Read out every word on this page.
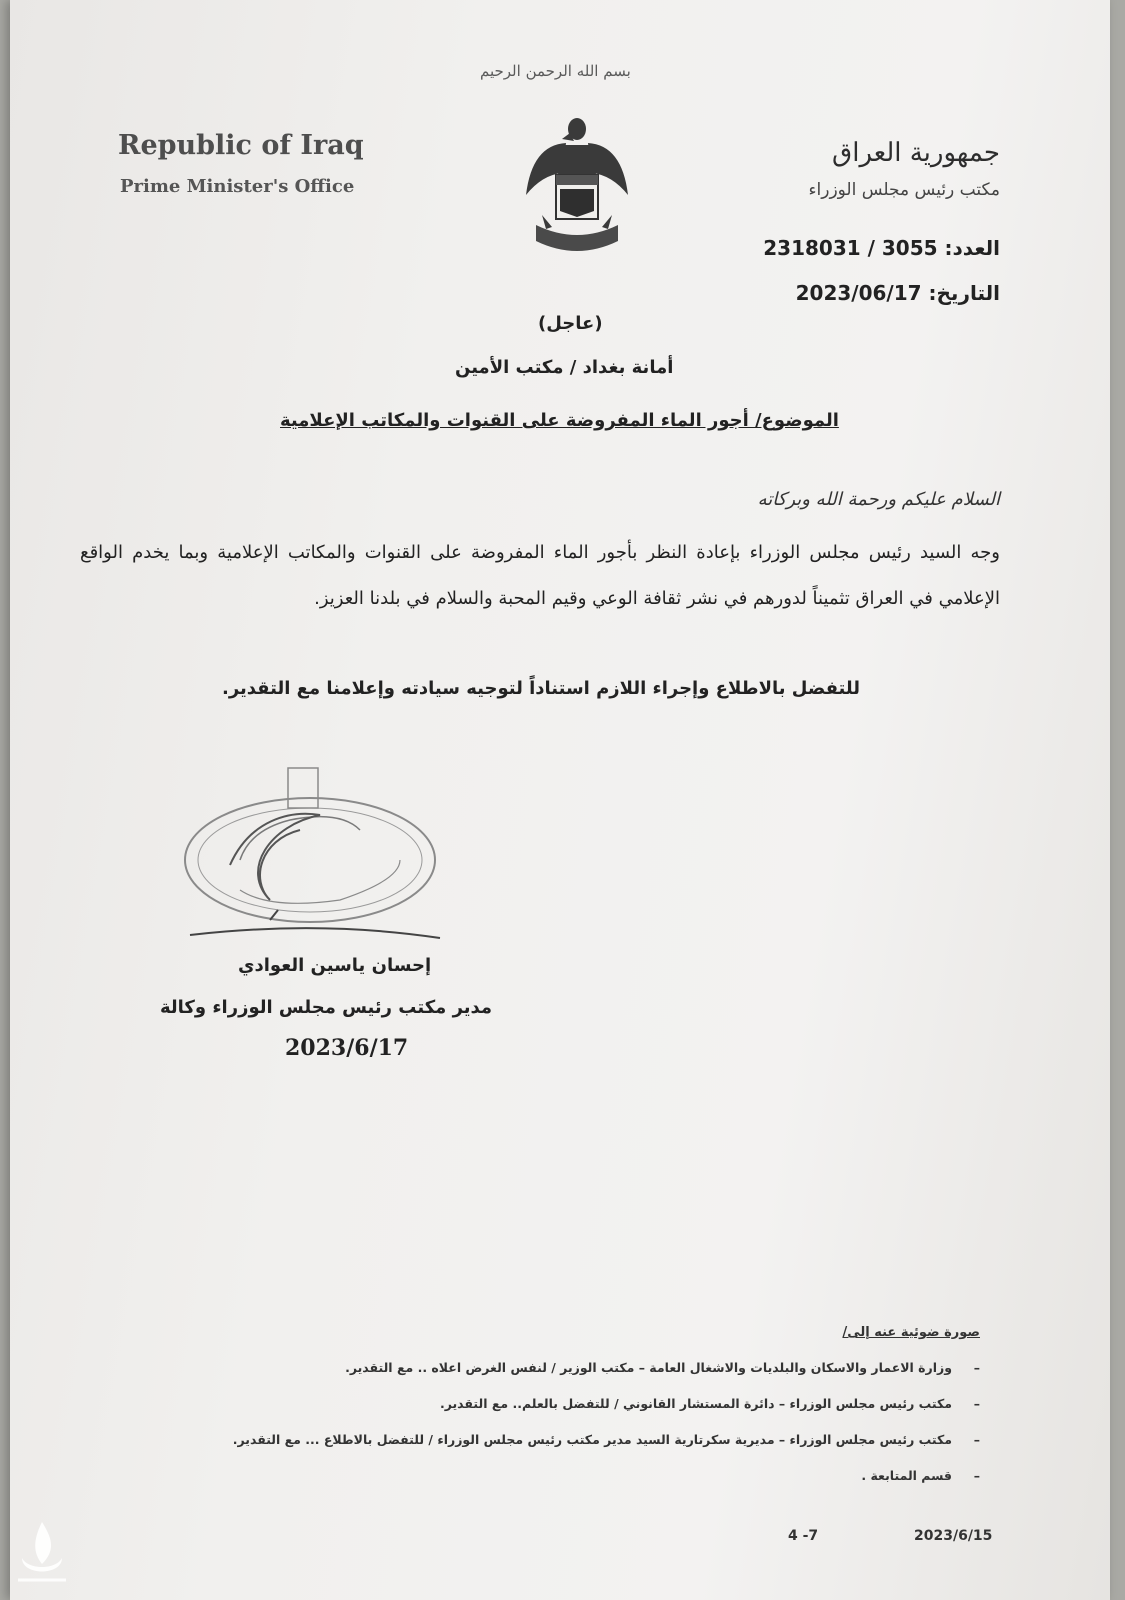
بسم الله الرحمن الرحيم
Republic of Iraq
Prime Minister's Office
جمهورية العراق
مكتب رئيس مجلس الوزراء
العدد: 2318031 / 3055
التاريخ: 2023/06/17
(عاجل)
أمانة بغداد / مكتب الأمين
الموضوع/ أجور الماء المفروضة على القنوات والمكاتب الإعلامية
السلام عليكم ورحمة الله وبركاته
وجه السيد رئيس مجلس الوزراء بإعادة النظر بأجور الماء المفروضة على القنوات والمكاتب الإعلامية وبما يخدم الواقع الإعلامي في العراق تثميناً لدورهم في نشر ثقافة الوعي وقيم المحبة والسلام في بلدنا العزيز.
للتفضل بالاطلاع وإجراء اللازم استناداً لتوجيه سيادته وإعلامنا مع التقدير.
إحسان ياسين العوادي
مدير مكتب رئيس مجلس الوزراء وكالة
2023/6/17
صورة ضوئية عنه إلى/
–وزارة الاعمار والاسكان والبلديات والاشغال العامة – مكتب الوزير / لنفس الغرض اعلاه .. مع التقدير.
–مكتب رئيس مجلس الوزراء – دائرة المستشار القانوني / للتفضل بالعلم.. مع التقدير.
–مكتب رئيس مجلس الوزراء – مديرية سكرتارية السيد مدير مكتب رئيس مجلس الوزراء / للتفضل بالاطلاع ... مع التقدير.
–قسم المتابعة .
4 -7	2023/6/15
